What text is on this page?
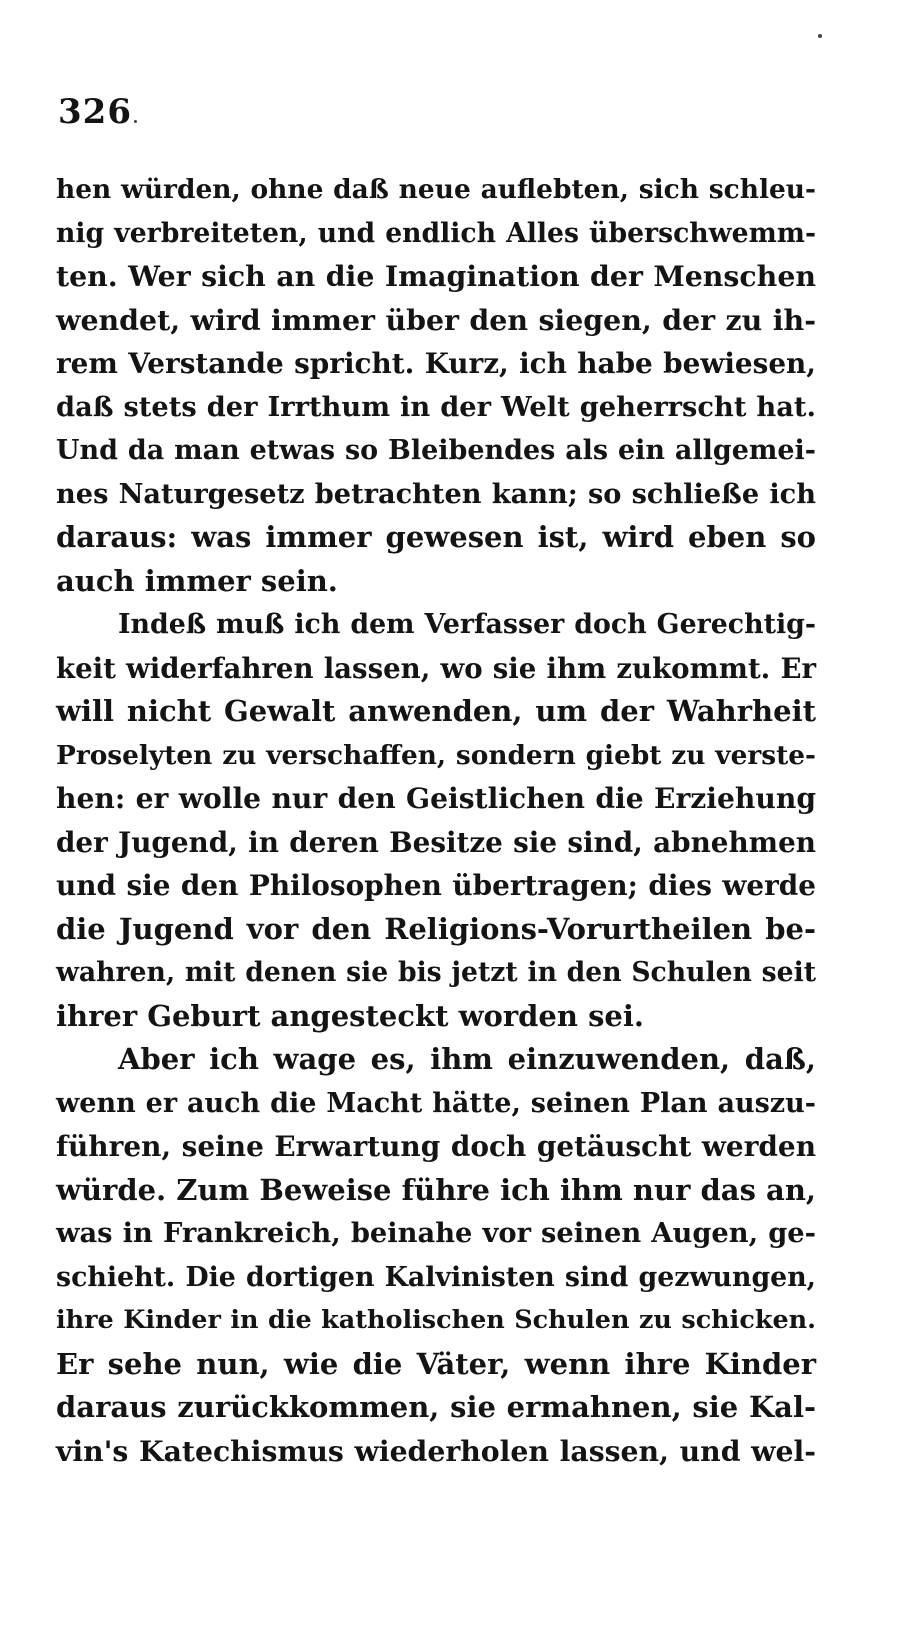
326
hen würden, ohne daß neue auflebten, sich schleu-
nig verbreiteten, und endlich Alles überschwemm-
ten. Wer sich an die Imagination der Menschen
wendet, wird immer über den siegen, der zu ih-
rem Verstande spricht. Kurz, ich habe bewiesen,
daß stets der Irrthum in der Welt geherrscht hat.
Und da man etwas so Bleibendes als ein allgemei-
nes Naturgesetz betrachten kann; so schließe ich
daraus: was immer gewesen ist, wird eben so
auch immer sein.
Indeß muß ich dem Verfasser doch Gerechtig-
keit widerfahren lassen, wo sie ihm zukommt. Er
will nicht Gewalt anwenden, um der Wahrheit
Proselyten zu verschaffen, sondern giebt zu verste-
hen: er wolle nur den Geistlichen die Erziehung
der Jugend, in deren Besitze sie sind, abnehmen
und sie den Philosophen übertragen; dies werde
die Jugend vor den Religions-Vorurtheilen be-
wahren, mit denen sie bis jetzt in den Schulen seit
ihrer Geburt angesteckt worden sei.
Aber ich wage es, ihm einzuwenden, daß,
wenn er auch die Macht hätte, seinen Plan auszu-
führen, seine Erwartung doch getäuscht werden
würde. Zum Beweise führe ich ihm nur das an,
was in Frankreich, beinahe vor seinen Augen, ge-
schieht. Die dortigen Kalvinisten sind gezwungen,
ihre Kinder in die katholischen Schulen zu schicken.
Er sehe nun, wie die Väter, wenn ihre Kinder
daraus zurückkommen, sie ermahnen, sie Kal-
vin's Katechismus wiederholen lassen, und wel-
